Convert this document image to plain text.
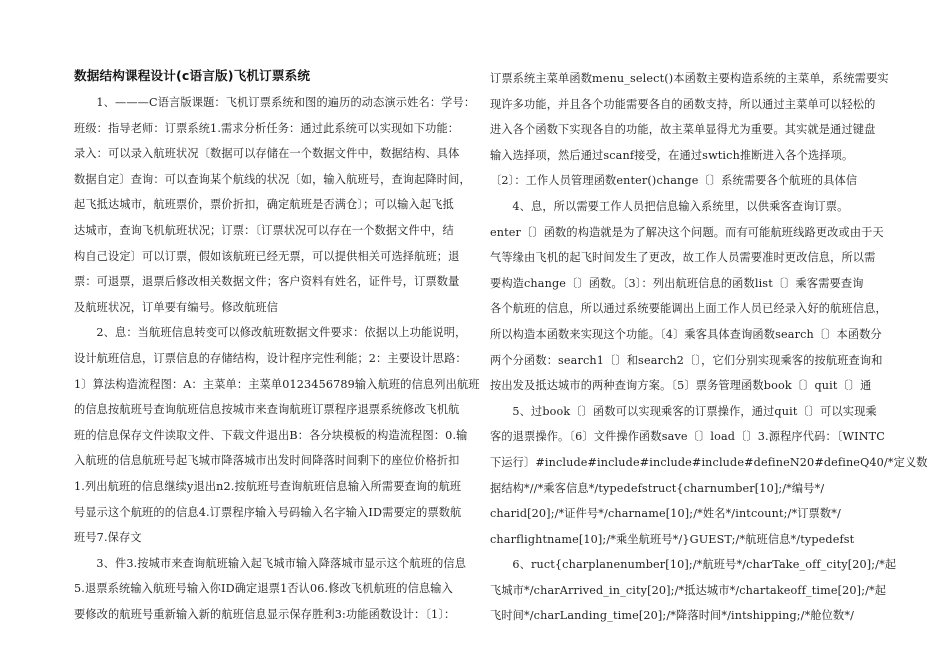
数据结构课程设计(c语言版)飞机订票系统

1、———C语言版课题：飞机订票系统和图的遍历的动态演示姓名：学号：
班级：指导老师：订票系统1.需求分析任务：通过此系统可以实现如下功能：
录入：可以录入航班状况〔数据可以存储在一个数据文件中，数据结构、具体
数据自定〕查询：可以查询某个航线的状况〔如，输入航班号，查询起降时间，
起飞抵达城市，航班票价，票价折扣，确定航班是否满仓〕；可以输入起飞抵
达城市，查询飞机航班状况；订票：〔订票状况可以存在一个数据文件中，结
构自己设定〕可以订票，假如该航班已经无票，可以提供相关可选择航班；退
票：可退票，退票后修改相关数据文件；客户资料有姓名，证件号，订票数量
及航班状况，订单要有编号。修改航班信

2、息：当航班信息转变可以修改航班数据文件要求：依据以上功能说明，
设计航班信息，订票信息的存储结构，设计程序完性利能；2：主要设计思路：
1〕算法构造流程图：A：主菜单：主菜单0123456789输入航班的信息列出航班
的信息按航班号查询航班信息按城市来查询航班订票程序退票系统修改飞机航
班的信息保存文件读取文件、下载文件退出B：各分块模板的构造流程图：0.输
入航班的信息航班号起飞城市降落城市出发时间降落时间剩下的座位价格折扣
1.列出航班的信息继续y退出n2.按航班号查询航班信息输入所需要查询的航班
号显示这个航班的的信息4.订票程序输入号码输入名字输入ID需要定的票数航
班号7.保存文

3、件3.按城市来查询航班输入起飞城市输入降落城市显示这个航班的信息
5.退票系统输入航班号输入你ID确定退票1否认06.修改飞机航班的信息输入
要修改的航班号重新输入新的航班信息显示保存胜利3:功能函数设计：〔1〕：

订票系统主菜单函数menu_select()本函数主要构造系统的主菜单，系统需要实
现许多功能，并且各个功能需要各自的函数支持，所以通过主菜单可以轻松的
进入各个函数下实现各自的功能，故主菜单显得尤为重要。其实就是通过键盘
输入选择项，然后通过scanf接受，在通过swtich推断进入各个选择项。
〔2〕：工作人员管理函数enter()change〔〕系统需要各个航班的具体信

4、息，所以需要工作人员把信息输入系统里，以供乘客查询订票。

enter〔〕函数的构造就是为了解决这个问题。而有可能航班线路更改或由于天
气等缘由飞机的起飞时间发生了更改，故工作人员需要准时更改信息，所以需
要构造change〔〕函数。〔3〕：列出航班信息的函数list〔〕乘客需要查询
各个航班的信息，所以通过系统要能调出上面工作人员已经录入好的航班信息，
所以构造本函数来实现这个功能。〔4〕乘客具体查询函数search〔〕本函数分
两个分函数：search1〔〕和search2〔〕，它们分别实现乘客的按航班查询和
按出发及抵达城市的两种查询方案。〔5〕票务管理函数book〔〕quit〔〕通

5、过book〔〕函数可以实现乘客的订票操作，通过quit〔〕可以实现乘

客的退票操作。〔6〕文件操作函数save〔〕load〔〕3.源程序代码：〔WINTC
下运行〕#include#include#include#include#defineN20#defineQ40/*定义数
据结构*//*乘客信息*/typedefstruct{charnumber[10];/*编号*/
charid[20];/*证件号*/charname[10];/*姓名*/intcount;/*订票数*/
charflightname[10];/*乘坐航班号*/}GUEST;/*航班信息*/typedefst

6、ruct{charplanenumber[10];/*航班号*/charTake_off_city[20];/*起
飞城市*/charArrived_in_city[20];/*抵达城市*/chartakeoff_time[20];/*起
飞时间*/charLanding_time[20];/*降落时间*/intshipping;/*舱位数*/
